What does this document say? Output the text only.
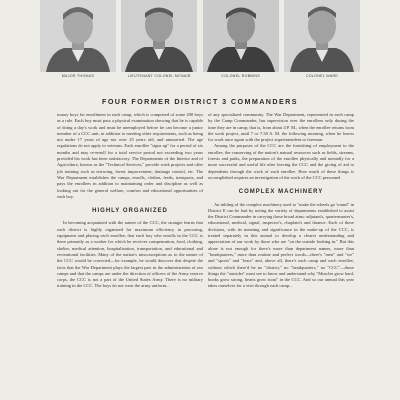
MAJOR THOMAS	LIEUTENANT COLONEL MCNAIR	COLONEL ROBBINS	COLONEL WARE
FOUR FORMER DISTRICT 3 COMMANDERS

ionary boys for enrollment in each camp, which is comprised of some 200 boys as a rule. Each boy must pass a physical examination showing that he is capable of doing a day's work and must be unemployed before he can become a junior member of a CCC unit, in addition to meeting other requirements, such as being not under 17 years of age nor over 25 years old, and unmarried. The age regulations do not apply to veterans. Each enrollee "signs up" for a period of six months and may re-enroll for a total service period not exceeding two years provided his work has been satisfactory. The Departments of the Interior and of Agriculture, known as the "Technical Services," provide work projects and offer job training such as terracing, forest improvement, drainage control, etc. The War Department establishes the camps, enrolls, clothes, feeds, transports, and pays the enrollees in addition to maintaining order and discipline as well as looking out for the general welfare, comfort and educational opportunities of each boy.

HIGHLY ORGANIZED

In becoming acquainted with the nature of the CCC, the stranger learns that each district is highly organized for maximum efficiency in procuring, equipment and placing each enrollee, that each boy who enrolls in the CCC is there primarily as a worker for which he receives compensation, food, clothing, shelter, medical attention, hospitalization, transportation, and educational and recreational facilities. Many of the nation's misconceptions as to the nature of the CCC would be corrected—for example, he would discover that despite the facts that the War Department plays the largest part in the administration of our camps and that the camps are under the direction of officers of the Army reserve corps, the CCC is not a part of the United States Army. There is no military training in the CCC. The boys do not wear the army uniform...

of any specialized community. The War Department, represented in each camp by the Camp Commander, has supervision over the enrollees only during the time they are in camp; that is, from about 4 P. M., when the enrollee returns from the work project, until 7 or 7:30 A. M. the following morning, when he leaves for work once again with the project superintendent or foreman.

Among the purposes of the CCC are the furnishing of employment to the enrollee, the conserving of the nation's natural resources such as fields, streams, forests and parks, the preparation of the enrollee physically and mentally for a more successful and useful life after leaving the CCC and the giving of aid to dependents through the work of each enrollee. How much of these things is accomplished requires an investigation of the work of the CCC personnel.

COMPLEX MACHINERY

An inkling of the complex machinery used to "make the wheels go 'round" in District E can be had by noting the variety of departments established to assist the District Commander in carrying those broad aims: adjutant's, quartermaster's, educational, medical, signal, inspector's, chaplain's and finance. Each of these divisions, with its meaning and significance in the make-up of the CCC, is treated separately in this annual to develop a clearer understanding and appreciation of our work by those who are "on the outside looking in." But this alone is not enough for there's more than department names, more than "headquarters," more than routine and perfect words—there's "men" and "we" and "sports" and "fears" and, above all, there's each camp and each enrollee, without which there'd be no "district," no "headquarters," no "CCC"—those things the "outsider" must see to know and understand why "Muscles grow hard, books grow strong, hearts grow stout" in the CCC. And so our annual this year takes ourselves for a visit through each camp...
